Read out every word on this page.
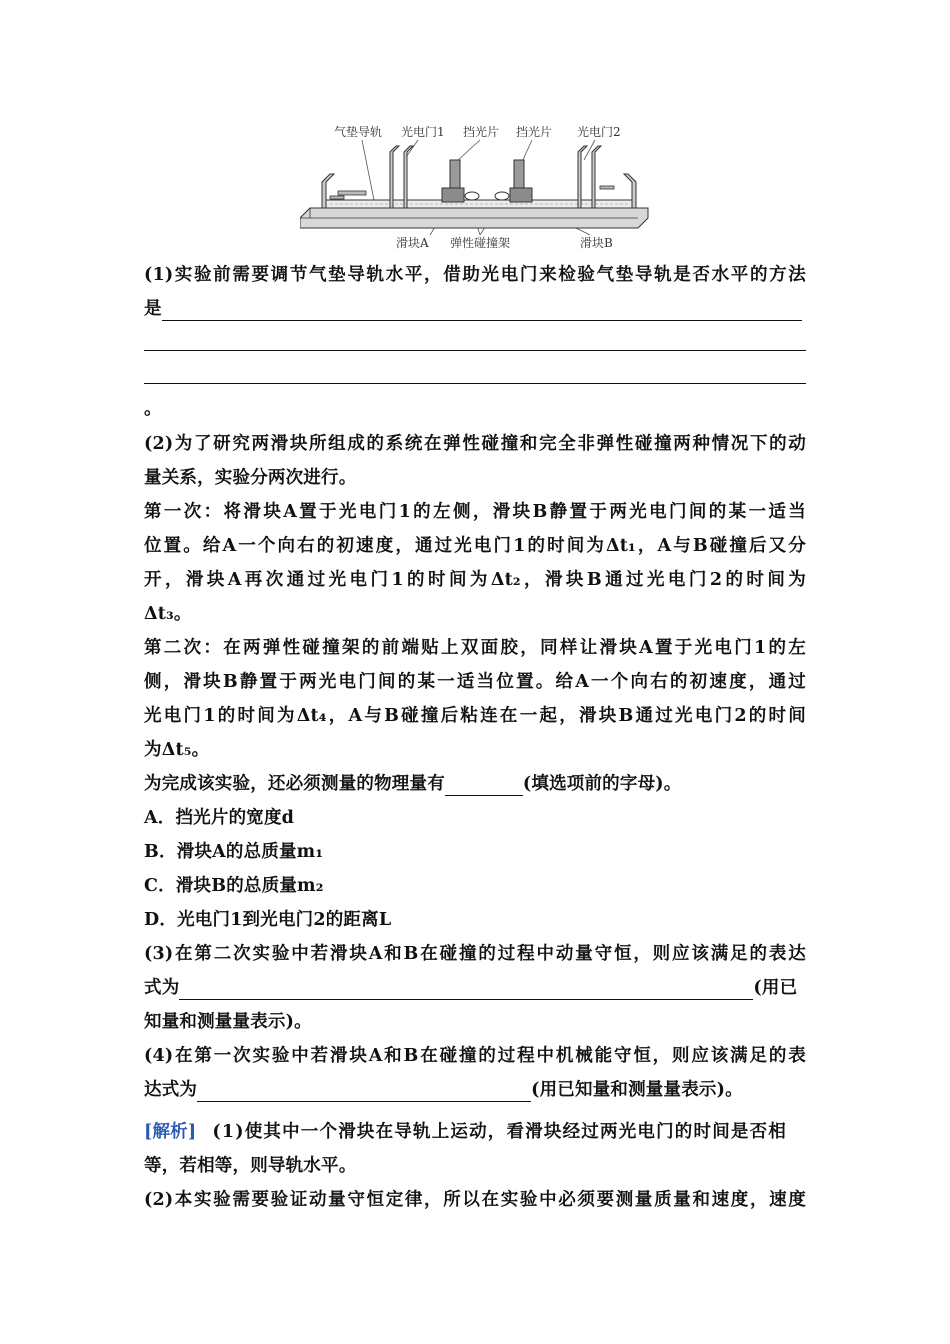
气垫导轨 光电门1 挡光片 挡光片 光电门2
滑块A 弹性碰撞架	滑块B
(1)实验前需要调节气垫导轨水平，借助光电门来检验气垫导轨是否水平的方法
是
。
(2)为了研究两滑块所组成的系统在弹性碰撞和完全非弹性碰撞两种情况下的动
量关系，实验分两次进行。
第一次：将滑块A置于光电门1的左侧，滑块B静置于两光电门间的某一适当
位置。给A一个向右的初速度，通过光电门1的时间为Δt₁，A与B碰撞后又分
开，滑块A再次通过光电门1的时间为Δt₂，滑块B通过光电门2的时间为
Δt₃。
第二次：在两弹性碰撞架的前端贴上双面胶，同样让滑块A置于光电门1的左
侧，滑块B静置于两光电门间的某一适当位置。给A一个向右的初速度，通过
光电门1的时间为Δt₄，A与B碰撞后粘连在一起，滑块B通过光电门2的时间
为Δt₅。
为完成该实验，还必须测量的物理量有	(填选项前的字母)。
A．挡光片的宽度d
B．滑块A的总质量m₁
C．滑块B的总质量m₂
D．光电门1到光电门2的距离L
(3)在第二次实验中若滑块A和B在碰撞的过程中动量守恒，则应该满足的表达
式为	(用已
知量和测量量表示)。
(4)在第一次实验中若滑块A和B在碰撞的过程中机械能守恒，则应该满足的表
达式为	(用已知量和测量量表示)。
[解析] (1)使其中一个滑块在导轨上运动，看滑块经过两光电门的时间是否相
等，若相等，则导轨水平。
(2)本实验需要验证动量守恒定律，所以在实验中必须要测量质量和速度，速度
